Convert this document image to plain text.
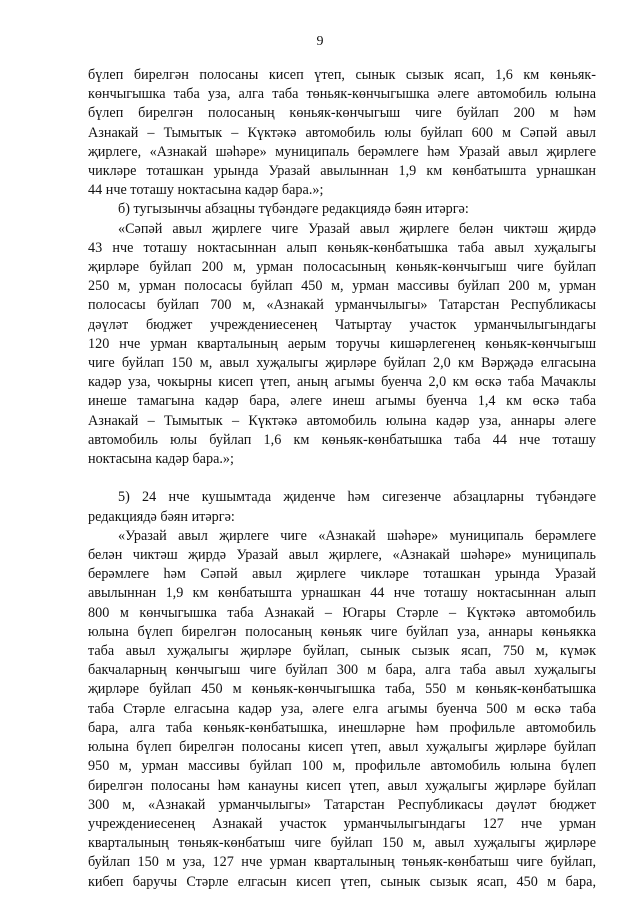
9
бүлеп бирелгән полосаны кисеп үтеп, сынык сызык ясап, 1,6 км көньяк-
көнчыгышка таба уза, алга таба төньяк-көнчыгышка әлеге автомобиль юлына
бүлеп бирелгән полосаның көньяк-көнчыгыш чиге буйлап 200 м һәм
Азнакай – Тымытык – Күктәкә автомобиль юлы буйлап 600 м Сәпәй авыл
җирлеге, «Азнакай шәһәре» муниципаль берәмлеге һәм Уразай авыл җирлеге
чикләре тоташкан урында Уразай авылыннан 1,9 км көнбатышта урнашкан
44 нче тоташу ноктасына кадәр бара.»;
б) тугызынчы абзацны түбәндәге редакциядә бәян итәргә:
«Сәпәй авыл җирлеге чиге Уразай авыл җирлеге белән чиктәш җирдә
43 нче тоташу ноктасыннан алып көньяк-көнбатышка таба авыл хуҗалыгы
җирләре буйлап 200 м, урман полосасының көньяк-көнчыгыш чиге буйлап
250 м, урман полосасы буйлап 450 м, урман массивы буйлап 200 м, урман
полосасы буйлап 700 м, «Азнакай урманчылыгы» Татарстан Республикасы
дәүләт бюджет учреждениесенең Чатыртау участок урманчылыгындагы
120 нче урман кварталының аерым торучы кишәрлегенең көньяк-көнчыгыш
чиге буйлап 150 м, авыл хуҗалыгы җирләре буйлап 2,0 км Вәрҗәдә елгасына
кадәр уза, чокырны кисеп үтеп, аның агымы буенча 2,0 км өскә таба Мачаклы
инеше тамагына кадәр бара, әлеге инеш агымы буенча 1,4 км өскә таба
Азнакай – Тымытык – Күктәкә автомобиль юлына кадәр уза, аннары әлеге
автомобиль юлы буйлап 1,6 км көньяк-көнбатышка таба 44 нче тоташу
ноктасына кадәр бара.»;
5) 24 нче кушымтада җиденче һәм сигезенче абзацларны түбәндәге
редакциядә бәян итәргә:
«Уразай авыл җирлеге чиге «Азнакай шәһәре» муниципаль берәмлеге
белән чиктәш җирдә Уразай авыл җирлеге, «Азнакай шәһәре» муниципаль
берәмлеге һәм Сәпәй авыл җирлеге чикләре тоташкан урында Уразай
авылыннан 1,9 км көнбатышта урнашкан 44 нче тоташу ноктасыннан алып
800 м көнчыгышка таба Азнакай – Югары Стәрле – Күктәкә автомобиль
юлына бүлеп бирелгән полосаның көньяк чиге буйлап уза, аннары көньякка
таба авыл хуҗалыгы җирләре буйлап, сынык сызык ясап, 750 м, күмәк
бакчаларның көнчыгыш чиге буйлап 300 м бара, алга таба авыл хуҗалыгы
җирләре буйлап 450 м көньяк-көнчыгышка таба, 550 м көньяк-көнбатышка
таба Стәрле елгасына кадәр уза, әлеге елга агымы буенча 500 м өскә таба
бара, алга таба көньяк-көнбатышка, инешләрне һәм профильле автомобиль
юлына бүлеп бирелгән полосаны кисеп үтеп, авыл хуҗалыгы җирләре буйлап
950 м, урман массивы буйлап 100 м, профильле автомобиль юлына бүлеп
бирелгән полосаны һәм канауны кисеп үтеп, авыл хуҗалыгы җирләре буйлап
300 м, «Азнакай урманчылыгы» Татарстан Республикасы дәүләт бюджет
учреждениесенең Азнакай участок урманчылыгындагы 127 нче урман
кварталының төньяк-көнбатыш чиге буйлап 150 м, авыл хуҗалыгы җирләре
буйлап 150 м уза, 127 нче урман кварталының төньяк-көнбатыш чиге буйлап,
кибеп баручы Стәрле елгасын кисеп үтеп, сынык сызык ясап, 450 м бара,
